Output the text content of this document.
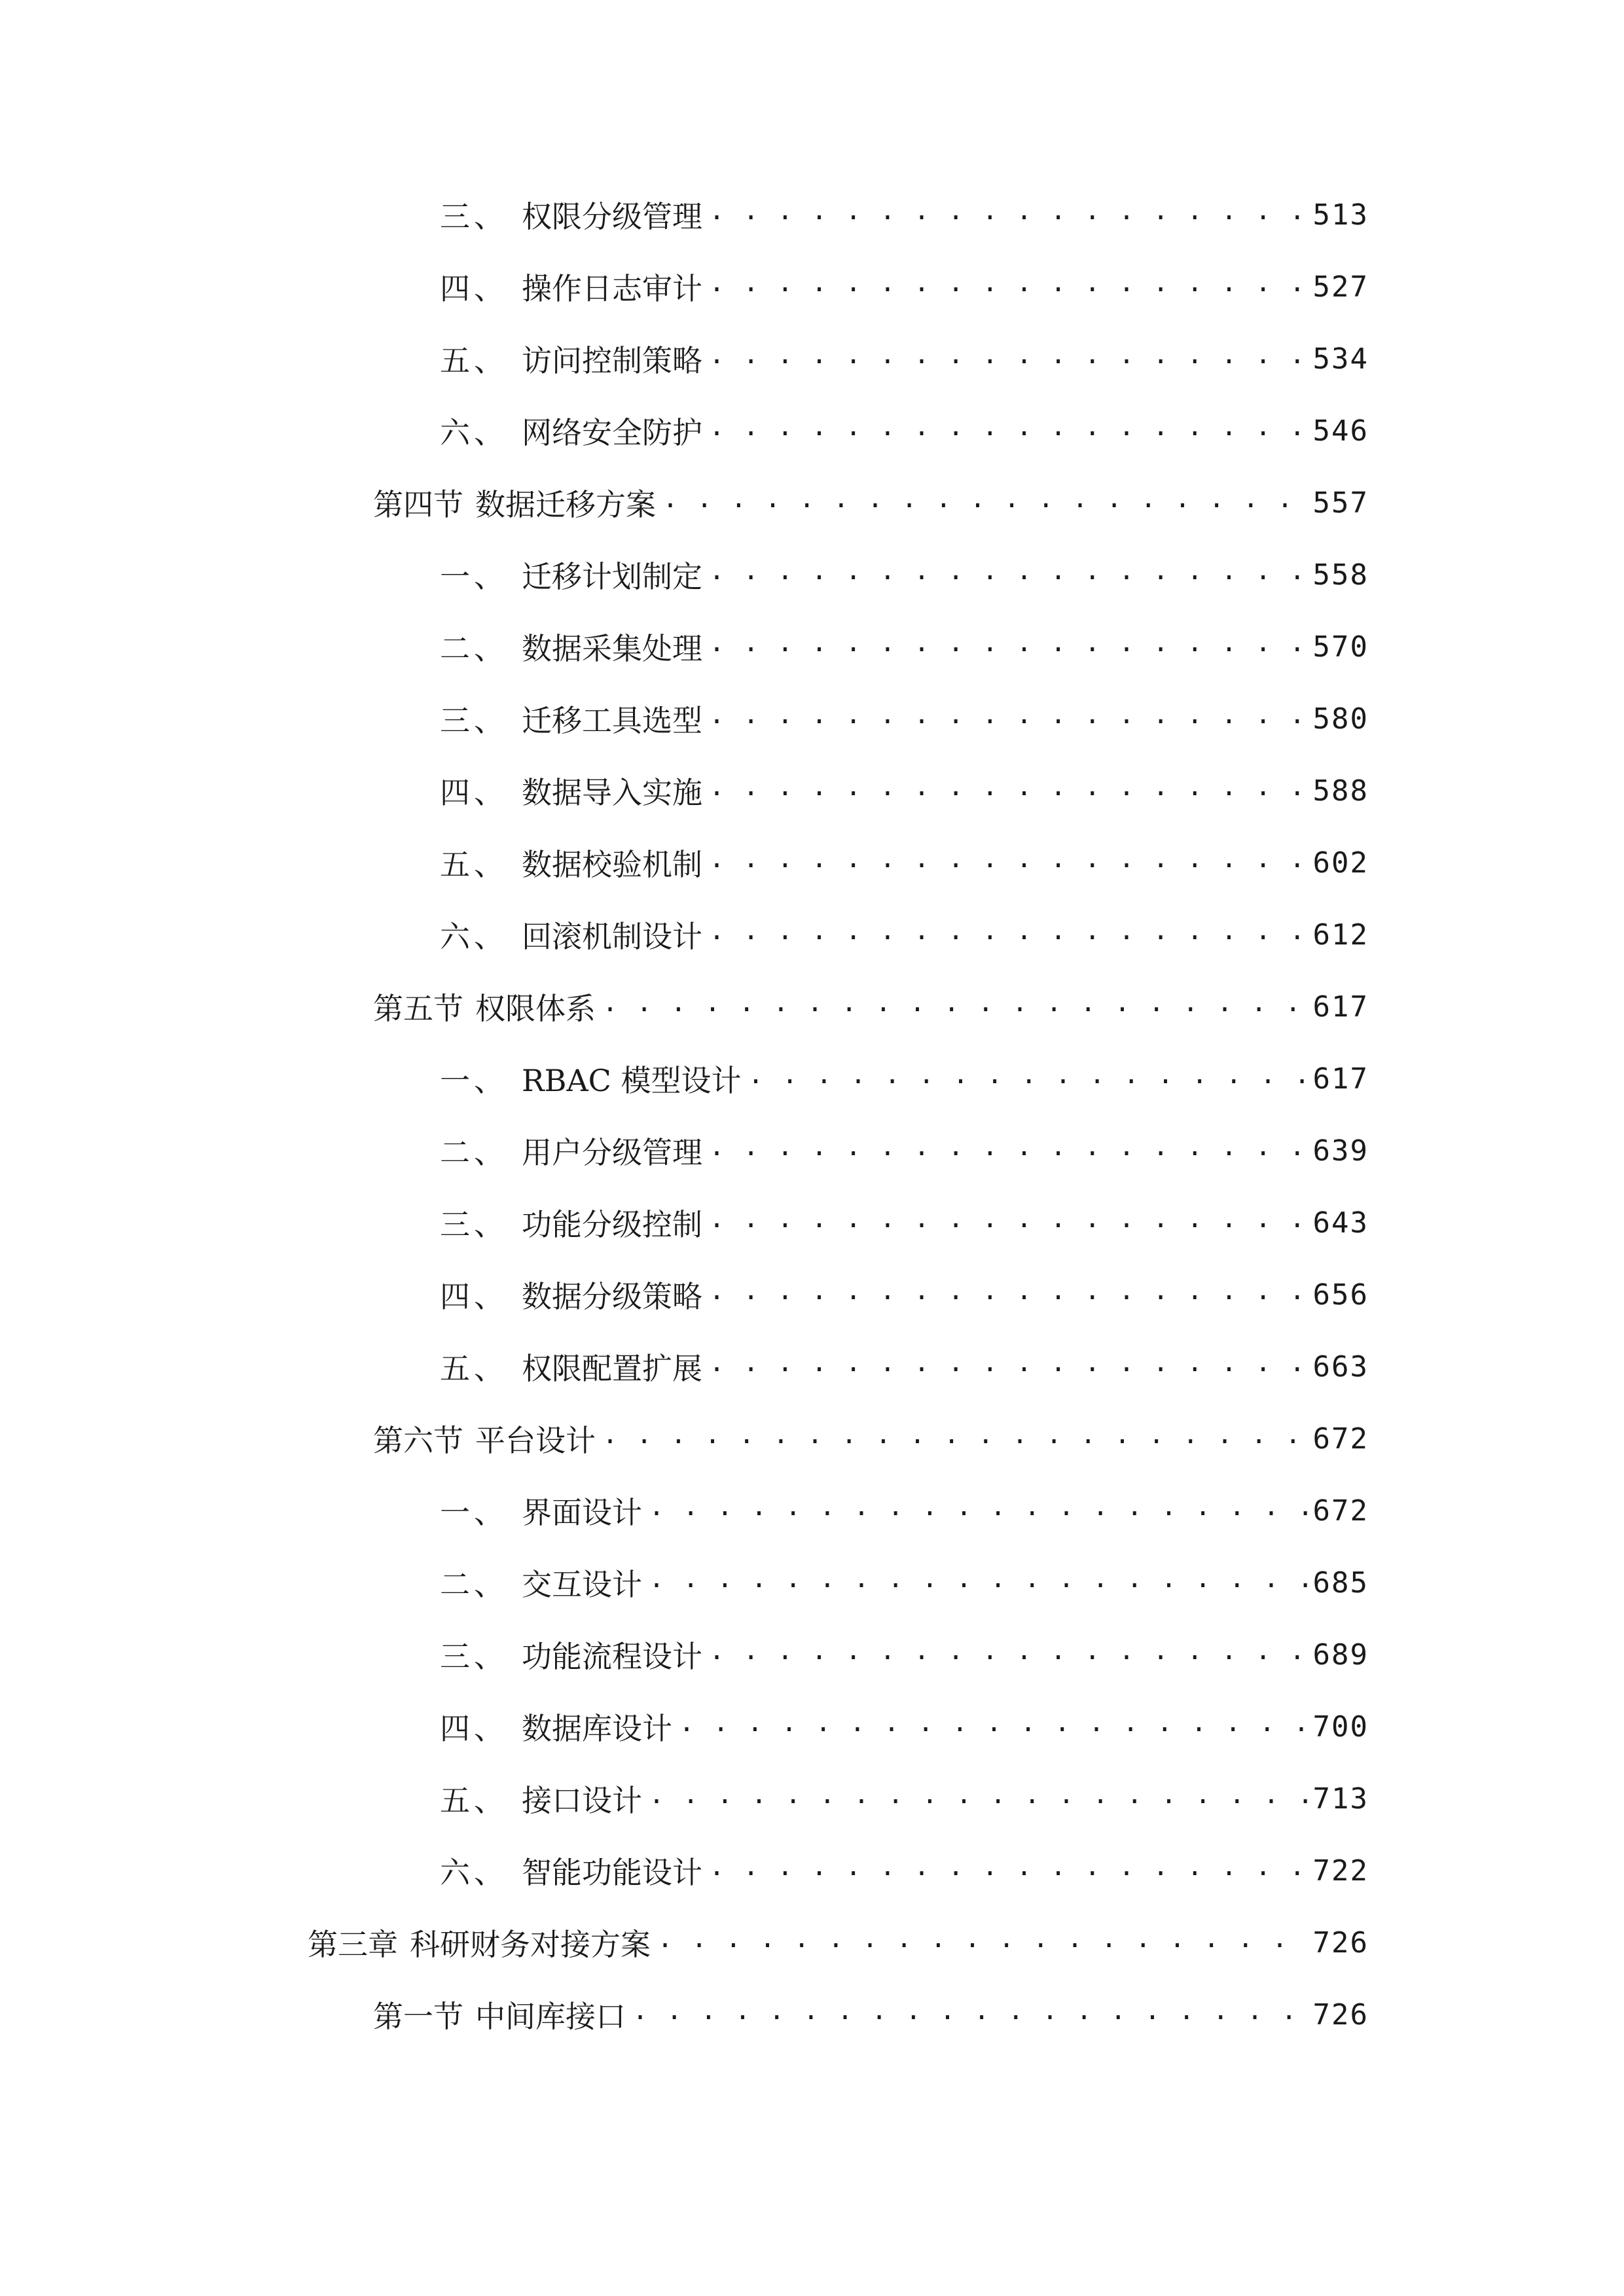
三、 权限分级管理 . . .	513
四、 操作日志审计 . . .	527
五、 访问控制策略 . . .	534
六、 网络安全防护 . . .	546
第四节 数据迁移方案 . . .	557
一、 迁移计划制定 . . .	558
二、 数据采集处理 . . .	570
三、 迁移工具选型 . . .	580
四、 数据导入实施 . . .	588
五、 数据校验机制 . . .	602
六、 回滚机制设计 . . .	612
第五节 权限体系 . . .	617
一、 RBAC 模型设计 . . .	617
二、 用户分级管理 . . .	639
三、 功能分级控制 . . .	643
四、 数据分级策略 . . .	656
五、 权限配置扩展 . . .	663
第六节 平台设计 . . .	672
一、 界面设计 . . .	672
二、 交互设计 . . .	685
三、 功能流程设计 . . .	689
四、 数据库设计 . . .	700
五、 接口设计 . . .	713
六、 智能功能设计 . . .	722
第三章 科研财务对接方案 . . .	726
第一节 中间库接口 . . .	726
